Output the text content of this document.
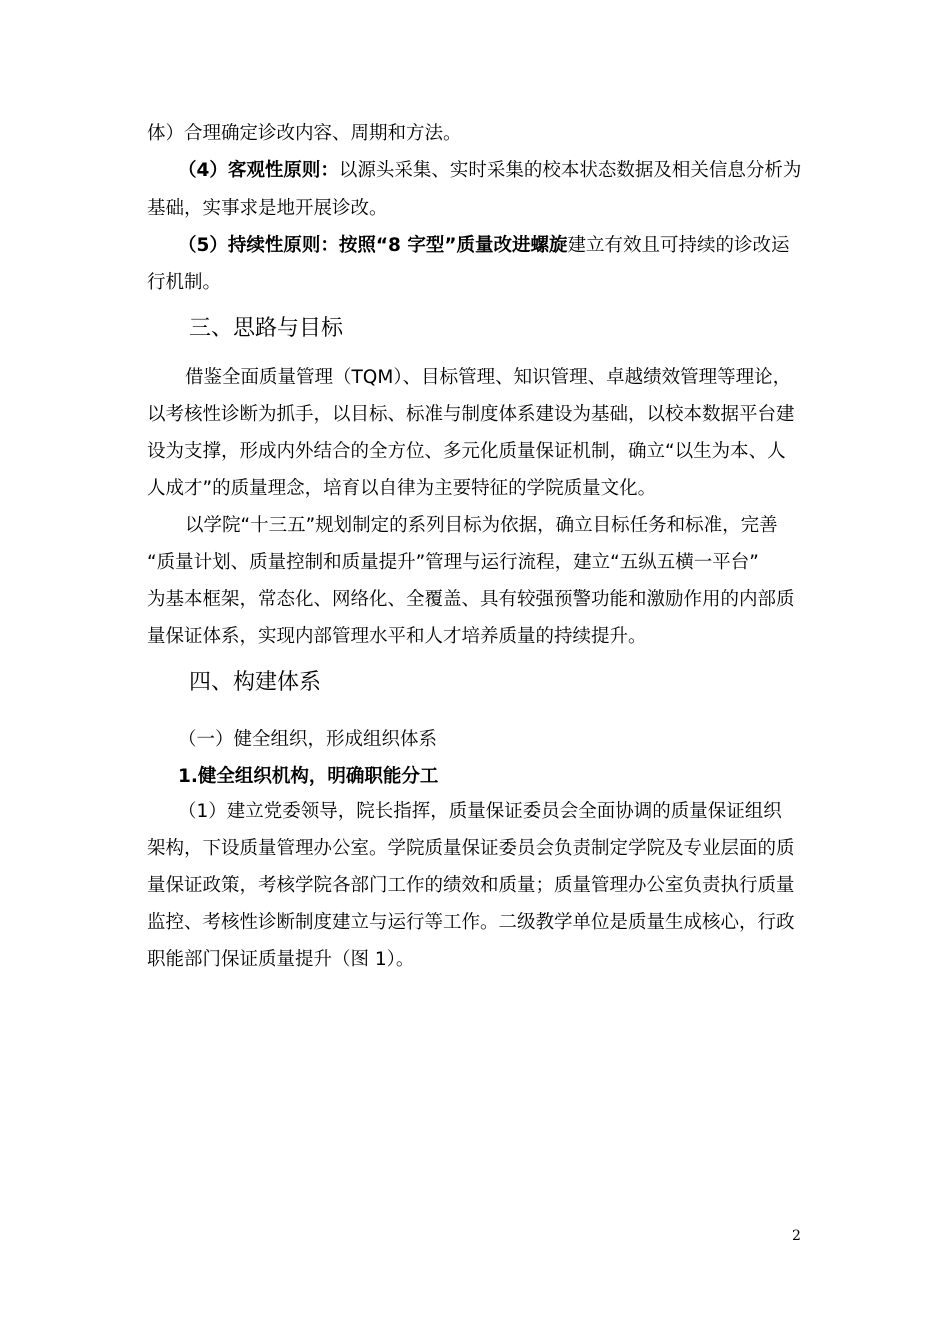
体）合理确定诊改内容、周期和方法。
（4）客观性原则：以源头采集、实时采集的校本状态数据及相关信息分析为
基础，实事求是地开展诊改。
（5）持续性原则：按照“8 字型”质量改进螺旋建立有效且可持续的诊改运
行机制。
三、思路与目标
借鉴全面质量管理（TQM）、目标管理、知识管理、卓越绩效管理等理论，
以考核性诊断为抓手，以目标、标准与制度体系建设为基础，以校本数据平台建
设为支撑，形成内外结合的全方位、多元化质量保证机制，确立“以生为本、人
人成才”的质量理念，培育以自律为主要特征的学院质量文化。
以学院“十三五”规划制定的系列目标为依据，确立目标任务和标准，完善
“质量计划、质量控制和质量提升”管理与运行流程，建立“五纵五横一平台”
为基本框架，常态化、网络化、全覆盖、具有较强预警功能和激励作用的内部质
量保证体系，实现内部管理水平和人才培养质量的持续提升。
四、构建体系
（一）健全组织，形成组织体系
1.健全组织机构，明确职能分工
（1）建立党委领导，院长指挥，质量保证委员会全面协调的质量保证组织
架构，下设质量管理办公室。学院质量保证委员会负责制定学院及专业层面的质
量保证政策，考核学院各部门工作的绩效和质量；质量管理办公室负责执行质量
监控、考核性诊断制度建立与运行等工作。二级教学单位是质量生成核心，行政
职能部门保证质量提升（图 1）。
2
